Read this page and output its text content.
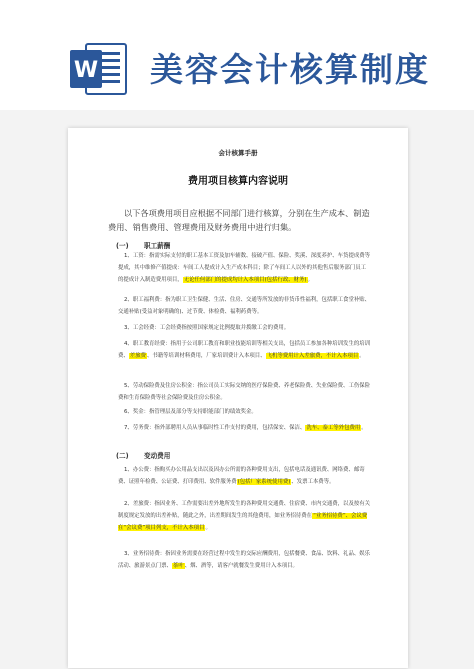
W 美容会计核算制度
会计核算手册
费用项目核算内容说明
以下各项费用项目应根据不同部门进行核算，分别在生产成本、制造费用、销售费用、管理费用及财务费用中进行归集。
(一) 职工薪酬
1、工资：指需实际支付的职工基本工资及加车辅数、接破产值、保险、奖溪、深度养护、车货提成费等提成，其中维修产值提成：车间工人提成计入生产成本科目；除了车间工人以外的其他售后服务部门员工的提成计入制造费用项目，无论任何部门的提成均计入本项目(包括行政、财务)。
2、职工福利费：指为职工卫生保健、生活、住房、交通等所发放的非货币性福利，包括职工食堂补贴、交通补贴(受益对象明确的)、过节费、体检费、福利药费等。
3、工会经费：工会经费指按照国家规定比例提取并拨缴工会的费用。
4、职工教育经费：指用于公司职工教育和职业技能培训等相关支出，包括员工参加各种培训发生的培训费、差旅费、书籍等培训材料费用，厂家培训费计入本项目、飞机等费用计入差旅费，不计入本项目。
5、劳动保险费及住房公积金：指公司员工实际交纳的医疗保险费、养老保险费、失业保险费、工伤保险费和生育保险费等社会保险费及住房公积金。
6、奖金：指管理层及部分等支持职能部门的绩效奖金。
7、劳务费：指外部聘用人员从事临时性工作支付的费用，包括保安、保洁、洗车、泰工等外包费用。
(二) 变动费用
1、办公费：指购买办公用品支出以及因办公所需的各种费用支出，包括电话及通讯费、网络费、邮寄费、证照年检费、公证费、打印费用、软件服务费(包括厂家系统使用费)、发票工本费等。
2、差旅费：指因业务、工作需要出差外地所发生的各种费用交通费、住宿费、市内交通费，以及按有关制度规定发放的出差补贴，随此之外，出差期间发生的其他费用，如业务招待费在“业务招待费”、会议费在“会议费”项目列支，不计入本项目。
3、业务招待费：指因业务需要在经营过程中发生的交际应酬费用，包括餐费、食品、饮料、礼品、娱乐活动、旅游景点门票、茶叶、烟、酒等，请客户就餐发生费用计入本项目。
